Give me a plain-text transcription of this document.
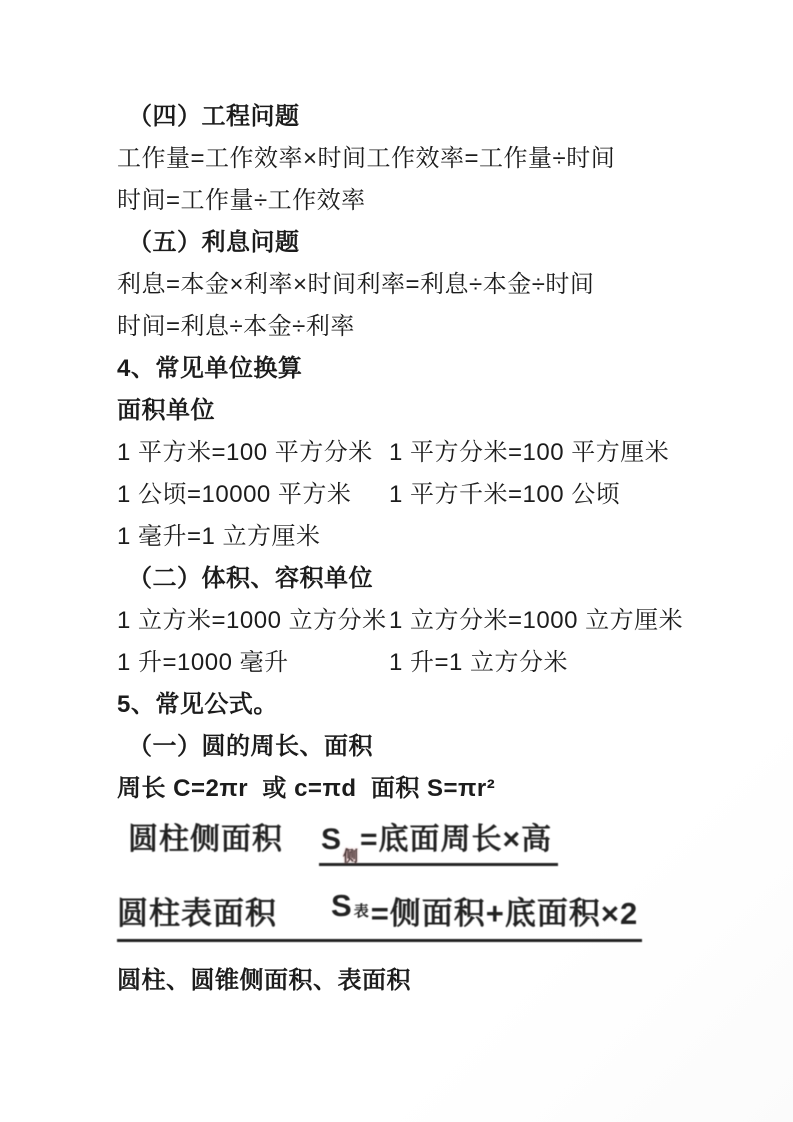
（四）工程问题
工作量=工作效率×时间工作效率=工作量÷时间
时间=工作量÷工作效率
（五）利息问题
利息=本金×利率×时间利率=利息÷本金÷时间
时间=利息÷本金÷利率
4、常见单位换算
面积单位
1 平方米=100 平方分米 1 平方分米=100 平方厘米
1 公顷=10000 平方米	1 平方千米=100 公顷
1 毫升=1 立方厘米
（二）体积、容积单位
1 立方米=1000 立方分米 1 立方分米=1000 立方厘米
1 升=1000 毫升	1 升=1 立方分米
5、常见公式。
（一）圆的周长、面积
周长 C=2πr  或 c=πd  面积 S=πr²
圆柱侧面积 S侧=底面周长×高
圆柱表面积 S 表 =侧面积+底面积×2
圆柱、圆锥侧面积、表面积
